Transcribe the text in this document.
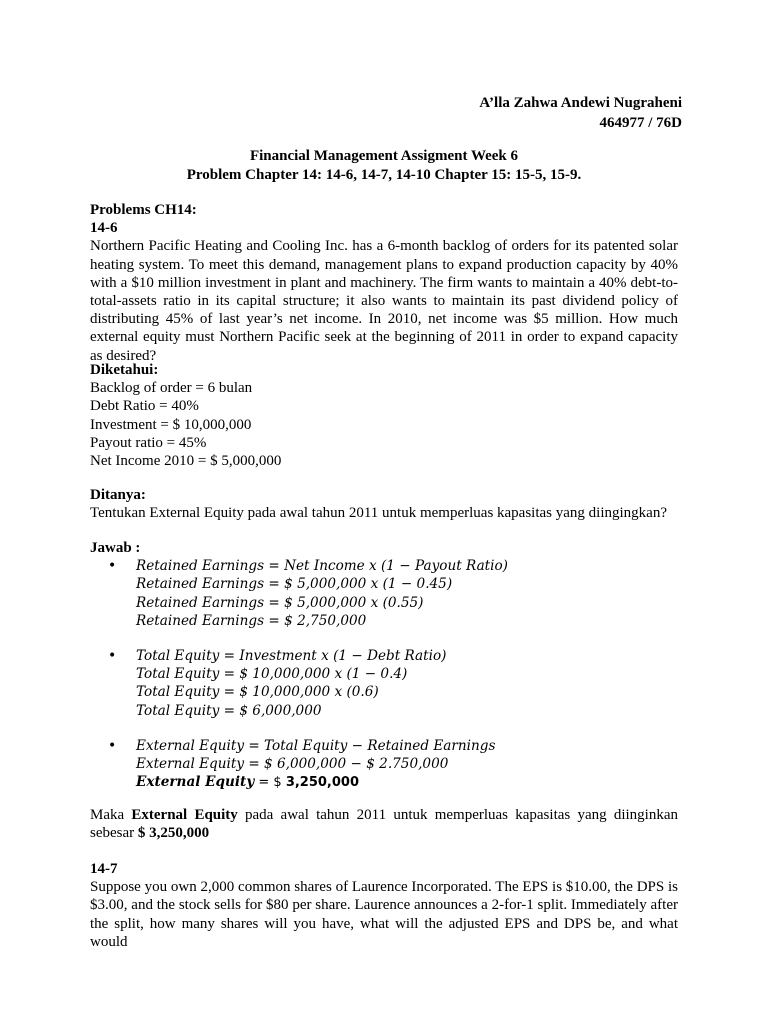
A’lla Zahwa Andewi Nugraheni
464977 / 76D
Financial Management Assigment Week 6
Problem Chapter 14: 14-6, 14-7, 14-10 Chapter 15: 15-5, 15-9.
Problems CH14:
14-6
Northern Pacific Heating and Cooling Inc. has a 6-month backlog of orders for its patented solar heating system. To meet this demand, management plans to expand production capacity by 40% with a $10 million investment in plant and machinery. The firm wants to maintain a 40% debt-to-total-assets ratio in its capital structure; it also wants to maintain its past dividend policy of distributing 45% of last year’s net income. In 2010, net income was $5 million. How much external equity must Northern Pacific seek at the beginning of 2011 in order to expand capacity as desired?
Diketahui:
Backlog of order = 6 bulan
Debt Ratio = 40%
Investment = $ 10,000,000
Payout ratio = 45%
Net Income 2010 = $ 5,000,000
Ditanya:
Tentukan External Equity pada awal tahun 2011 untuk memperluas kapasitas yang diingingkan?
Jawab :
• Retained Earnings = Net Income x (1 − Payout Ratio)
Retained Earnings = $ 5,000,000 x (1 − 0.45)
Retained Earnings = $ 5,000,000 x (0.55)
Retained Earnings = $ 2,750,000
• Total Equity = Investment x (1 − Debt Ratio)
Total Equity = $ 10,000,000 x (1 − 0.4)
Total Equity = $ 10,000,000 x (0.6)
Total Equity = $ 6,000,000
• External Equity = Total Equity − Retained Earnings
External Equity = $ 6,000,000 − $ 2.750,000
External Equity = $ 3,250,000
Maka External Equity pada awal tahun 2011 untuk memperluas kapasitas yang diinginkan sebesar $ 3,250,000
14-7
Suppose you own 2,000 common shares of Laurence Incorporated. The EPS is $10.00, the DPS is $3.00, and the stock sells for $80 per share. Laurence announces a 2-for-1 split. Immediately after the split, how many shares will you have, what will the adjusted EPS and DPS be, and what would
